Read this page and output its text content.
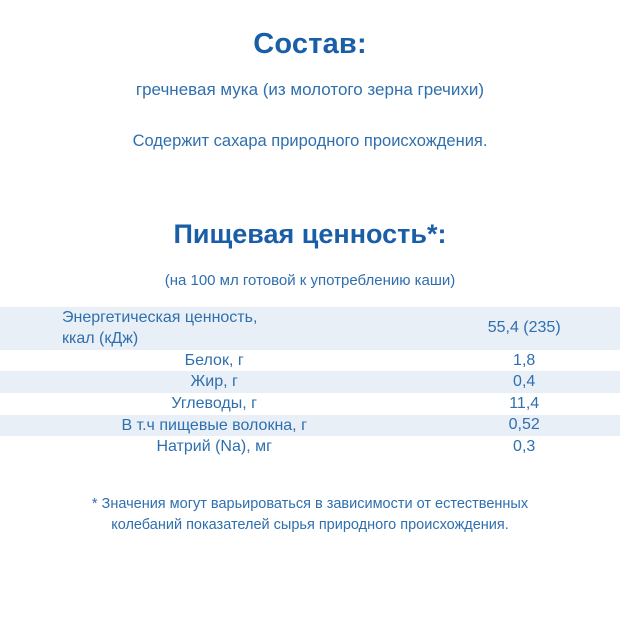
Состав:

гречневая мука (из молотого зерна гречихи)

Содержит сахара природного происхождения.

Пищевая ценность*:

(на 100 мл готовой к употреблению каши)

Энергетическая ценность,
ккал (кДж)	55,4 (235)
Белок, г	1,8
Жир, г	0,4
Углеводы, г	11,4
В т.ч пищевые волокна, г	0,52
Натрий (Na), мг	0,3
* Значения могут варьироваться в зависимости от естественных
колебаний показателей сырья природного происхождения.
